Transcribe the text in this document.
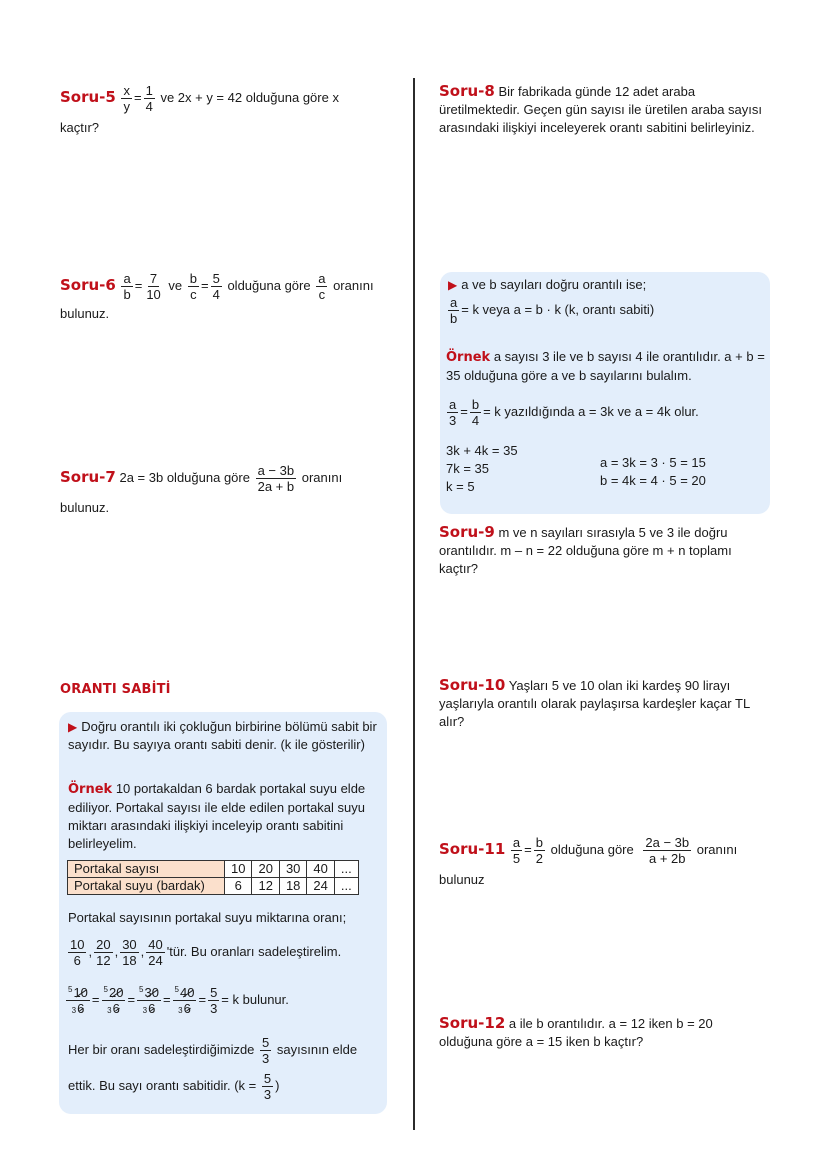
Soru-5 $\frac{x}{y} = \frac{1}{4}$ ve 2x + y = 42 olduğuna göre x
kaçtır?
Soru-6 $\frac{a}{b} = \frac{7}{10}$ ve $\frac{b}{c} = \frac{5}{4}$ olduğuna göre $\frac{a}{c}$ oranını
bulunuz.
Soru-7 2a = 3b olduğuna göre $\frac{a - 3b}{2a + b}$ oranını
bulunuz.
ORANTI SABİTİ
▶ Doğru orantılı iki çokluğun birbirine bölümü sabit bir sayıdır. Bu sayıya orantı sabiti denir. (k ile gösterilir)
Örnek 10 portakaldan 6 bardak portakal suyu elde ediliyor. Portakal sayısı ile elde edilen portakal suyu miktarı arasındaki ilişkiyi inceleyip orantı sabitini belirleyelim.
Portakal sayısı	10	20	30	40	...
Portakal suyu (bardak)	6	12	18	24	...
Portakal sayısının portakal suyu miktarına oranı;
$\frac{10}{6}$ , $\frac{20}{12}$ , $\frac{30}{18}$ , $\frac{40}{24}$ 'tür. Bu oranları sadeleştirelim.
$\frac{^510}{36} = \frac{^520}{36} = \frac{^530}{36} = \frac{^540}{36} = \frac{5}{3} = k$ bulunur.
Her bir oranı sadeleştirdiğimizde $\frac{5}{3}$ sayısının elde
ettik. Bu sayı orantı sabitidir. ($k = \frac{5}{3}$ )
Soru-8 Bir fabrikada günde 12 adet araba üretilmektedir. Geçen gün sayısı ile üretilen araba sayısı arasındaki ilişkiyi inceleyerek orantı sabitini belirleyiniz.
▶ a ve b sayıları doğru orantılı ise;
$\frac{a}{b} = k$ veya a = b · k (k, orantı sabiti)
Örnek a sayısı 3 ile ve b sayısı 4 ile orantılıdır. a + b = 35 olduğuna göre a ve b sayılarını bulalım.
$\frac{a}{3} = \frac{b}{4} = k$ yazıldığında a = 3k ve a = 4k olur.
3k + 4k = 35
7k = 35
k = 5
a = 3k = 3 · 5 = 15
b = 4k = 4 · 5 = 20
Soru-9 m ve n sayıları sırasıyla 5 ve 3 ile doğru orantılıdır. m – n = 22 olduğuna göre m + n toplamı kaçtır?
Soru-10 Yaşları 5 ve 10 olan iki kardeş 90 lirayı yaşlarıyla orantılı olarak paylaşırsa kardeşler kaçar TL alır?
Soru-11 $\frac{a}{5} = \frac{b}{2}$ olduğuna göre $\frac{2a - 3b}{a + 2b}$ oranını
bulunuz
Soru-12 a ile b orantılıdır. a = 12 iken b = 20 olduğuna göre a = 15 iken b kaçtır?
